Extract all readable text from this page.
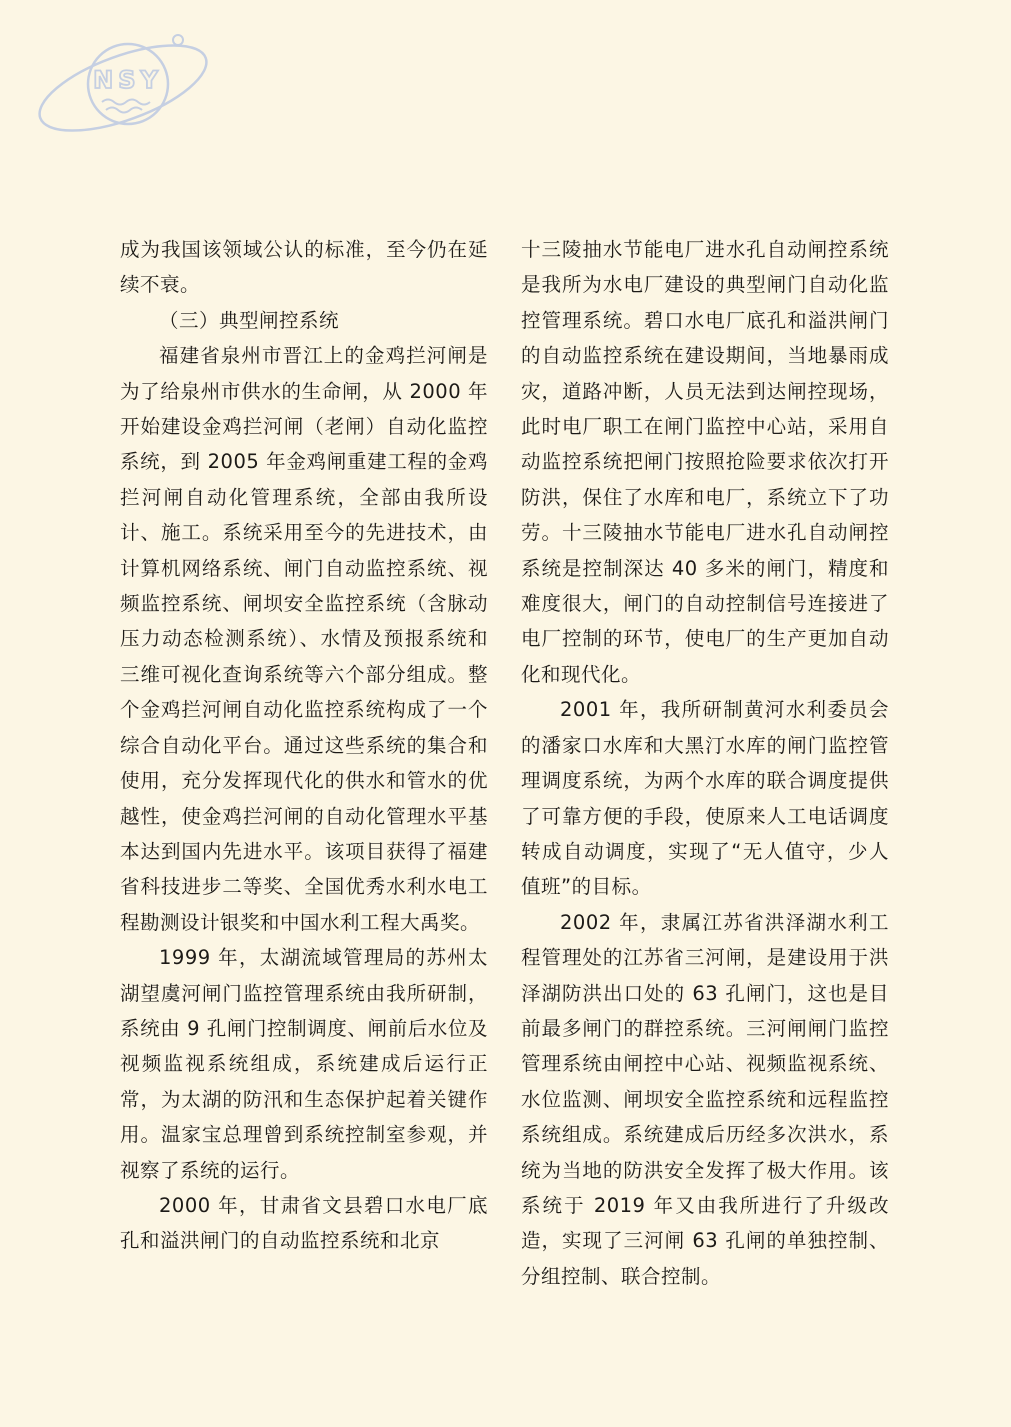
NSY

成为我国该领域公认的标准，至今仍在延续不衰。

（三）典型闸控系统

福建省泉州市晋江上的金鸡拦河闸是为了给泉州市供水的生命闸，从 2000 年开始建设金鸡拦河闸（老闸）自动化监控系统，到 2005 年金鸡闸重建工程的金鸡拦河闸自动化管理系统，全部由我所设计、施工。系统采用至今的先进技术，由计算机网络系统、闸门自动监控系统、视频监控系统、闸坝安全监控系统（含脉动压力动态检测系统）、水情及预报系统和三维可视化查询系统等六个部分组成。整个金鸡拦河闸自动化监控系统构成了一个综合自动化平台。通过这些系统的集合和使用，充分发挥现代化的供水和管水的优越性，使金鸡拦河闸的自动化管理水平基本达到国内先进水平。该项目获得了福建省科技进步二等奖、全国优秀水利水电工程勘测设计银奖和中国水利工程大禹奖。

1999 年，太湖流域管理局的苏州太湖望虞河闸门监控管理系统由我所研制，系统由 9 孔闸门控制调度、闸前后水位及视频监视系统组成，系统建成后运行正常，为太湖的防汛和生态保护起着关键作用。温家宝总理曾到系统控制室参观，并视察了系统的运行。

2000 年，甘肃省文县碧口水电厂底孔和溢洪闸门的自动监控系统和北京

十三陵抽水节能电厂进水孔自动闸控系统是我所为水电厂建设的典型闸门自动化监控管理系统。碧口水电厂底孔和溢洪闸门的自动监控系统在建设期间，当地暴雨成灾，道路冲断，人员无法到达闸控现场，此时电厂职工在闸门监控中心站，采用自动监控系统把闸门按照抢险要求依次打开防洪，保住了水库和电厂，系统立下了功劳。十三陵抽水节能电厂进水孔自动闸控系统是控制深达 40 多米的闸门，精度和难度很大，闸门的自动控制信号连接进了电厂控制的环节，使电厂的生产更加自动化和现代化。

2001 年，我所研制黄河水利委员会的潘家口水库和大黑汀水库的闸门监控管理调度系统，为两个水库的联合调度提供了可靠方便的手段，使原来人工电话调度转成自动调度，实现了“无人值守，少人值班”的目标。

2002 年，隶属江苏省洪泽湖水利工程管理处的江苏省三河闸，是建设用于洪泽湖防洪出口处的 63 孔闸门，这也是目前最多闸门的群控系统。三河闸闸门监控管理系统由闸控中心站、视频监视系统、水位监测、闸坝安全监控系统和远程监控系统组成。系统建成后历经多次洪水，系统为当地的防洪安全发挥了极大作用。该系统于 2019 年又由我所进行了升级改造，实现了三河闸 63 孔闸的单独控制、分组控制、联合控制。
